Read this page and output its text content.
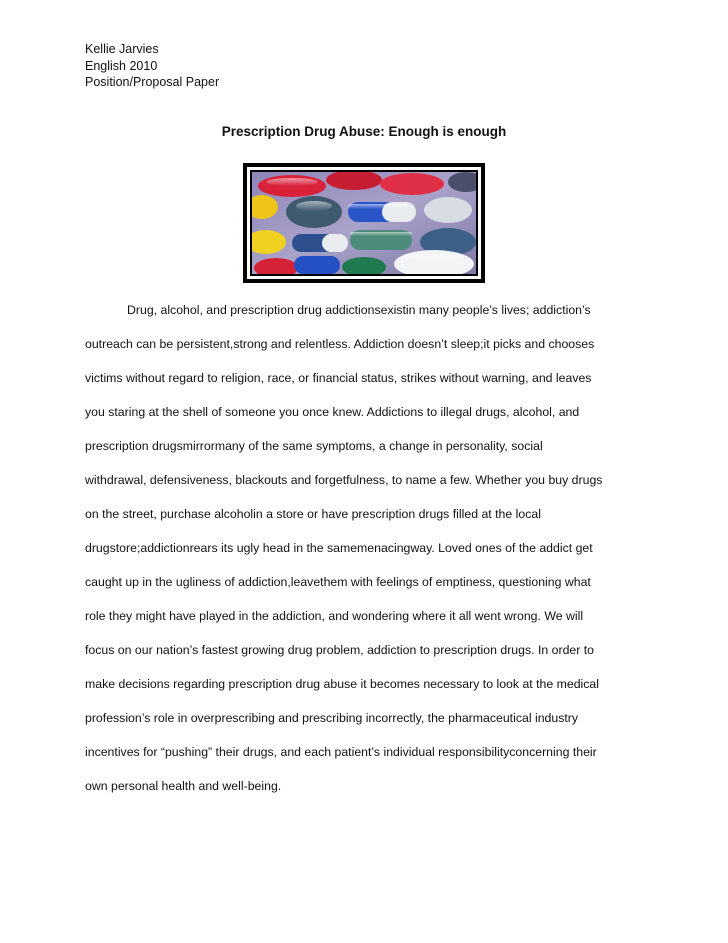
Kellie Jarvies
English 2010
Position/Proposal Paper
Prescription Drug Abuse: Enough is enough
Drug, alcohol, and prescription drug addictionsexistin many people’s lives; addiction’s
outreach can be persistent,strong and relentless. Addiction doesn’t sleep;it picks and chooses
victims without regard to religion, race, or financial status, strikes without warning, and leaves
you staring at the shell of someone you once knew. Addictions to illegal drugs, alcohol, and
prescription drugsmirrormany of the same symptoms, a change in personality, social
withdrawal, defensiveness, blackouts and forgetfulness, to name a few. Whether you buy drugs
on the street, purchase alcoholin a store or have prescription drugs filled at the local
drugstore;addictionrears its ugly head in the samemenacingway. Loved ones of the addict get
caught up in the ugliness of addiction,leavethem with feelings of emptiness, questioning what
role they might have played in the addiction, and wondering where it all went wrong. We will
focus on our nation’s fastest growing drug problem, addiction to prescription drugs. In order to
make decisions regarding prescription drug abuse it becomes necessary to look at the medical
profession’s role in overprescribing and prescribing incorrectly, the pharmaceutical industry
incentives for “pushing” their drugs, and each patient’s individual responsibilityconcerning their
own personal health and well-being.
